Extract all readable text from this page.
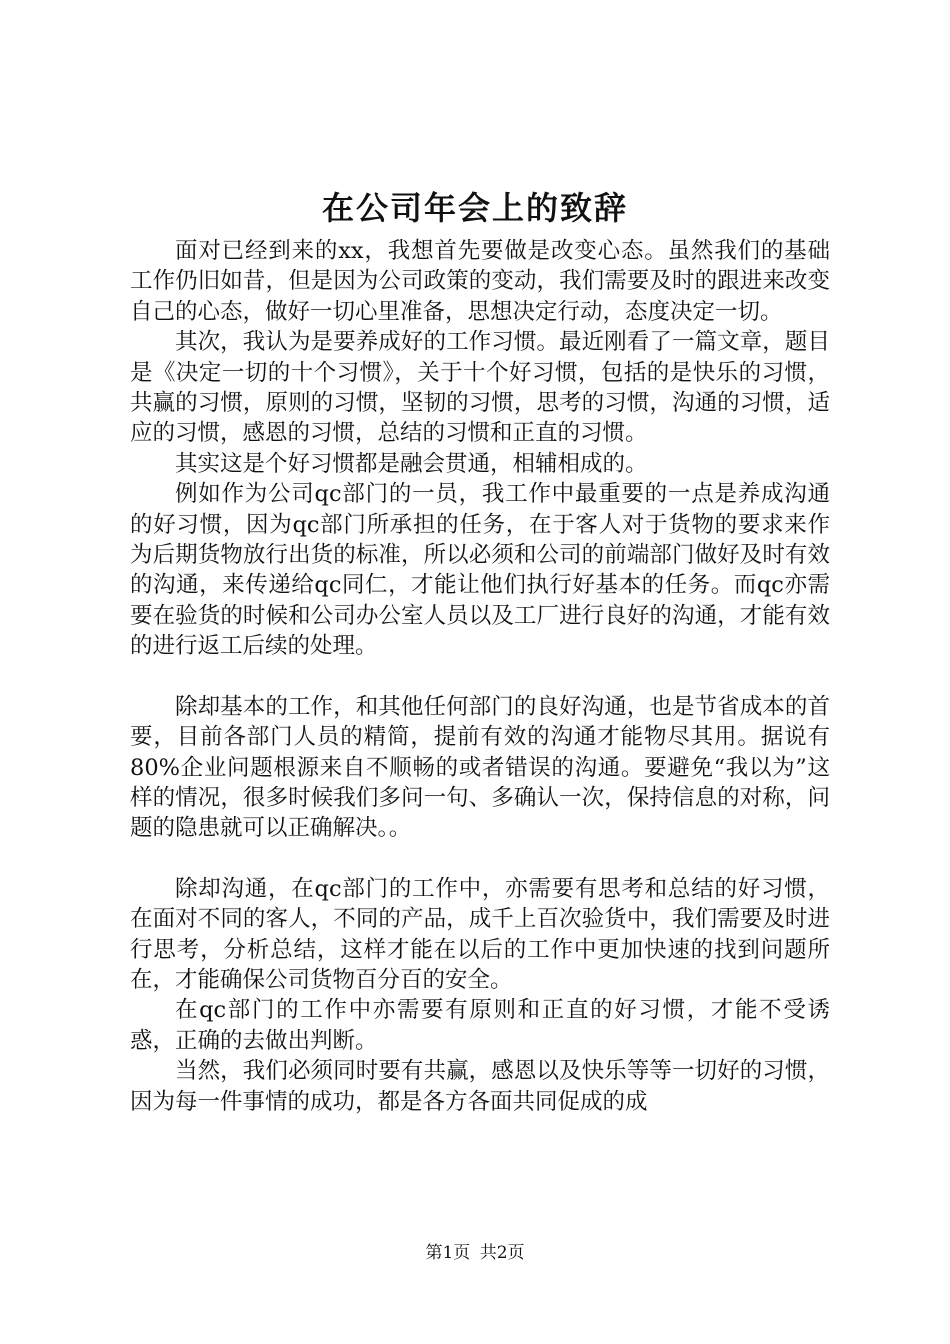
在公司年会上的致辞

面对已经到来的xx，我想首先要做是改变心态。虽然我们的基础工作仍旧如昔，但是因为公司政策的变动，我们需要及时的跟进来改变自己的心态，做好一切心里准备，思想决定行动，态度决定一切。

其次，我认为是要养成好的工作习惯。最近刚看了一篇文章，题目是《决定一切的十个习惯》，关于十个好习惯，包括的是快乐的习惯，共赢的习惯，原则的习惯，坚韧的习惯，思考的习惯，沟通的习惯，适应的习惯，感恩的习惯，总结的习惯和正直的习惯。

其实这是个好习惯都是融会贯通，相辅相成的。

例如作为公司qc部门的一员，我工作中最重要的一点是养成沟通的好习惯，因为qc部门所承担的任务，在于客人对于货物的要求来作为后期货物放行出货的标准，所以必须和公司的前端部门做好及时有效的沟通，来传递给qc同仁，才能让他们执行好基本的任务。而qc亦需要在验货的时候和公司办公室人员以及工厂进行良好的沟通，才能有效的进行返工后续的处理。

除却基本的工作，和其他任何部门的良好沟通，也是节省成本的首要，目前各部门人员的精简，提前有效的沟通才能物尽其用。据说有80%企业问题根源来自不顺畅的或者错误的沟通。要避免“我以为”这样的情况，很多时候我们多问一句、多确认一次，保持信息的对称，问题的隐患就可以正确解决。。

除却沟通，在qc部门的工作中，亦需要有思考和总结的好习惯，在面对不同的客人，不同的产品，成千上百次验货中，我们需要及时进行思考，分析总结，这样才能在以后的工作中更加快速的找到问题所在，才能确保公司货物百分百的安全。

在qc部门的工作中亦需要有原则和正直的好习惯，才能不受诱惑，正确的去做出判断。

当然，我们必须同时要有共赢，感恩以及快乐等等一切好的习惯，因为每一件事情的成功，都是各方各面共同促成的成

第1页 共2页
